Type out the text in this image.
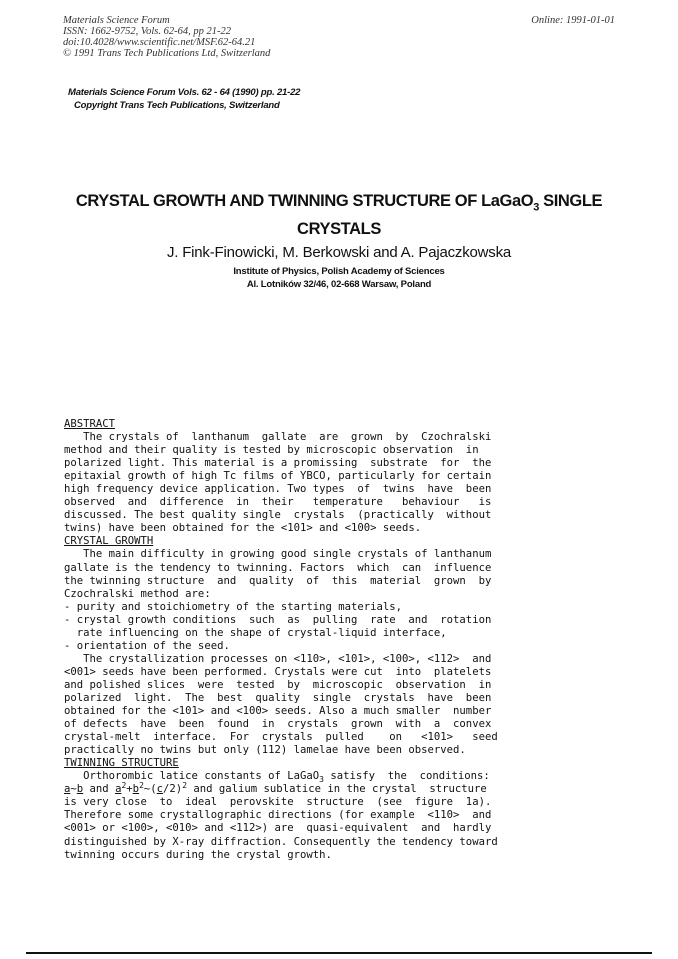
Materials Science Forum
ISSN: 1662-9752, Vols. 62-64, pp 21-22
doi:10.4028/www.scientific.net/MSF.62-64.21
© 1991 Trans Tech Publications Ltd, Switzerland
Online: 1991-01-01
Materials Science Forum Vols. 62 - 64 (1990) pp. 21-22
Copyright Trans Tech Publications, Switzerland
CRYSTAL GROWTH AND TWINNING STRUCTURE OF LaGaO$_3$ SINGLE
CRYSTALS
J. Fink-Finowicki, M. Berkowski and A. Pajaczkowska
Institute of Physics, Polish Academy of Sciences
Al. Lotników 32/46, 02-668 Warsaw, Poland
ABSTRACT
The crystals of  lanthanum  gallate  are  grown  by  Czochralski
method and their quality is tested by microscopic observation  in
polarized light. This material is a promissing  substrate  for  the
epitaxial growth of high Tc films of YBCO, particularly for certain
high frequency device application. Two types  of  twins  have  been
observed  and  difference  in  their   temperature   behaviour   is
discussed. The best quality single  crystals  (practically  without
twins) have been obtained for the <101> and <100> seeds.
CRYSTAL GROWTH
The main difficulty in growing good single crystals of lanthanum
gallate is the tendency to twinning. Factors  which  can  influence
the twinning structure  and  quality  of  this  material  grown  by
Czochralski method are:
- purity and stoichiometry of the starting materials,
- crystal growth conditions  such  as  pulling  rate  and  rotation
rate influencing on the shape of crystal-liquid interface,
- orientation of the seed.
The crystallization processes on <110>, <101>, <100>, <112>  and
<001> seeds have been performed. Crystals were cut  into  platelets
and polished slices  were  tested  by  microscopic  observation  in
polarized  light.  The  best  quality  single  crystals  have  been
obtained for the <101> and <100> seeds. Also a much smaller  number
of defects  have  been  found  in  crystals  grown  with  a  convex
crystal-melt  interface.  For  crystals  pulled    on   <101>   seed
practically no twins but only (112) lamelae have been observed.
TWINNING STRUCTURE
Orthorombic latice constants of LaGaO$_3$ satisfy  the  conditions:
a~b and $a^2+b^2\sim(c/2)^2$ and galium sublatice in the crystal  structure
is very close  to  ideal  perovskite  structure  (see  figure  1a).
Therefore some crystallographic directions (for example  <110>  and
<001> or <100>, <010> and <112>) are  quasi-equivalent  and  hardly
distinguished by X-ray diffraction. Consequently the tendency toward
twinning occurs during the crystal growth.
